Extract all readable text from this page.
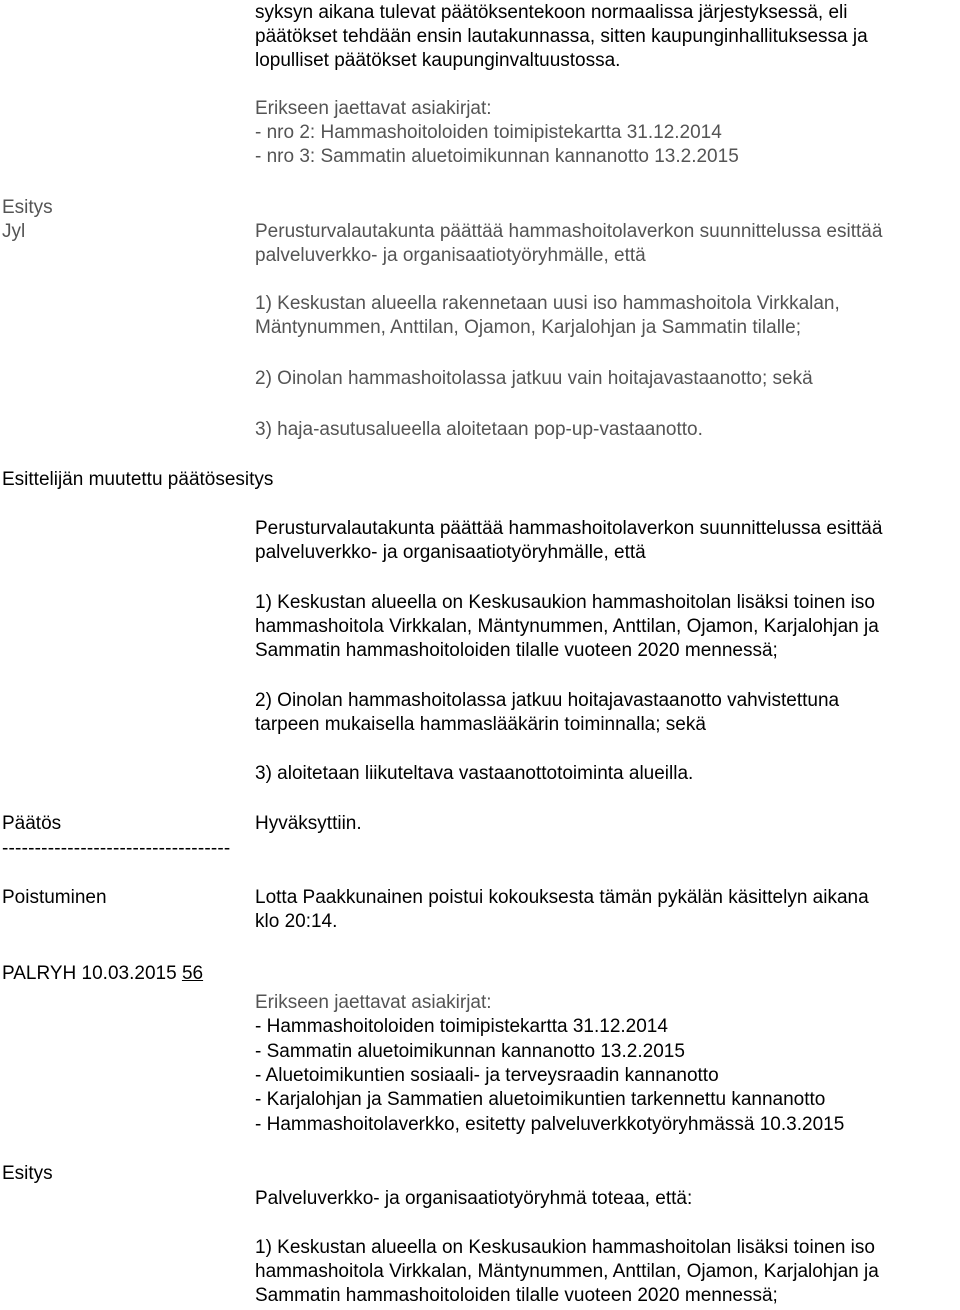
syksyn aikana tulevat päätöksentekoon normaalissa järjestyksessä, eli
päätökset tehdään ensin lautakunnassa, sitten kaupunginhallituksessa ja
lopulliset päätökset kaupunginvaltuustossa.
Erikseen jaettavat asiakirjat:
- nro 2: Hammashoitoloiden toimipistekartta 31.12.2014
- nro 3: Sammatin aluetoimikunnan kannanotto 13.2.2015
Esitys
Jyl	Perusturvalautakunta päättää hammashoitolaverkon suunnittelussa esittää
palveluverkko- ja organisaatiotyöryhmälle, että
1) Keskustan alueella rakennetaan uusi iso hammashoitola Virkkalan,
Mäntynummen, Anttilan, Ojamon, Karjalohjan ja Sammatin tilalle;
2) Oinolan hammashoitolassa jatkuu vain hoitajavastaanotto; sekä
3) haja-asutusalueella aloitetaan pop-up-vastaanotto.
Esittelijän muutettu päätösesitys
Perusturvalautakunta päättää hammashoitolaverkon suunnittelussa esittää
palveluverkko- ja organisaatiotyöryhmälle, että
1) Keskustan alueella on Keskusaukion hammashoitolan lisäksi toinen iso
hammashoitola Virkkalan, Mäntynummen, Anttilan, Ojamon, Karjalohjan ja
Sammatin hammashoitoloiden tilalle vuoteen 2020 mennessä;
2) Oinolan hammashoitolassa jatkuu hoitajavastaanotto vahvistettuna
tarpeen mukaisella hammaslääkärin toiminnalla; sekä
3) aloitetaan liikuteltava vastaanottotoiminta alueilla.
Päätös	Hyväksyttiin.
-----------------------------------
Poistuminen	Lotta Paakkunainen poistui kokouksesta tämän pykälän käsittelyn aikana
klo 20:14.
PALRYH 10.03.2015 56
Erikseen jaettavat asiakirjat:
- Hammashoitoloiden toimipistekartta 31.12.2014
- Sammatin aluetoimikunnan kannanotto 13.2.2015
- Aluetoimikuntien sosiaali- ja terveysraadin kannanotto
- Karjalohjan ja Sammatien aluetoimikuntien tarkennettu kannanotto
- Hammashoitolaverkko, esitetty palveluverkkotyöryhmässä 10.3.2015
Esitys
Palveluverkko- ja organisaatiotyöryhmä toteaa, että:
1) Keskustan alueella on Keskusaukion hammashoitolan lisäksi toinen iso
hammashoitola Virkkalan, Mäntynummen, Anttilan, Ojamon, Karjalohjan ja
Sammatin hammashoitoloiden tilalle vuoteen 2020 mennessä;
